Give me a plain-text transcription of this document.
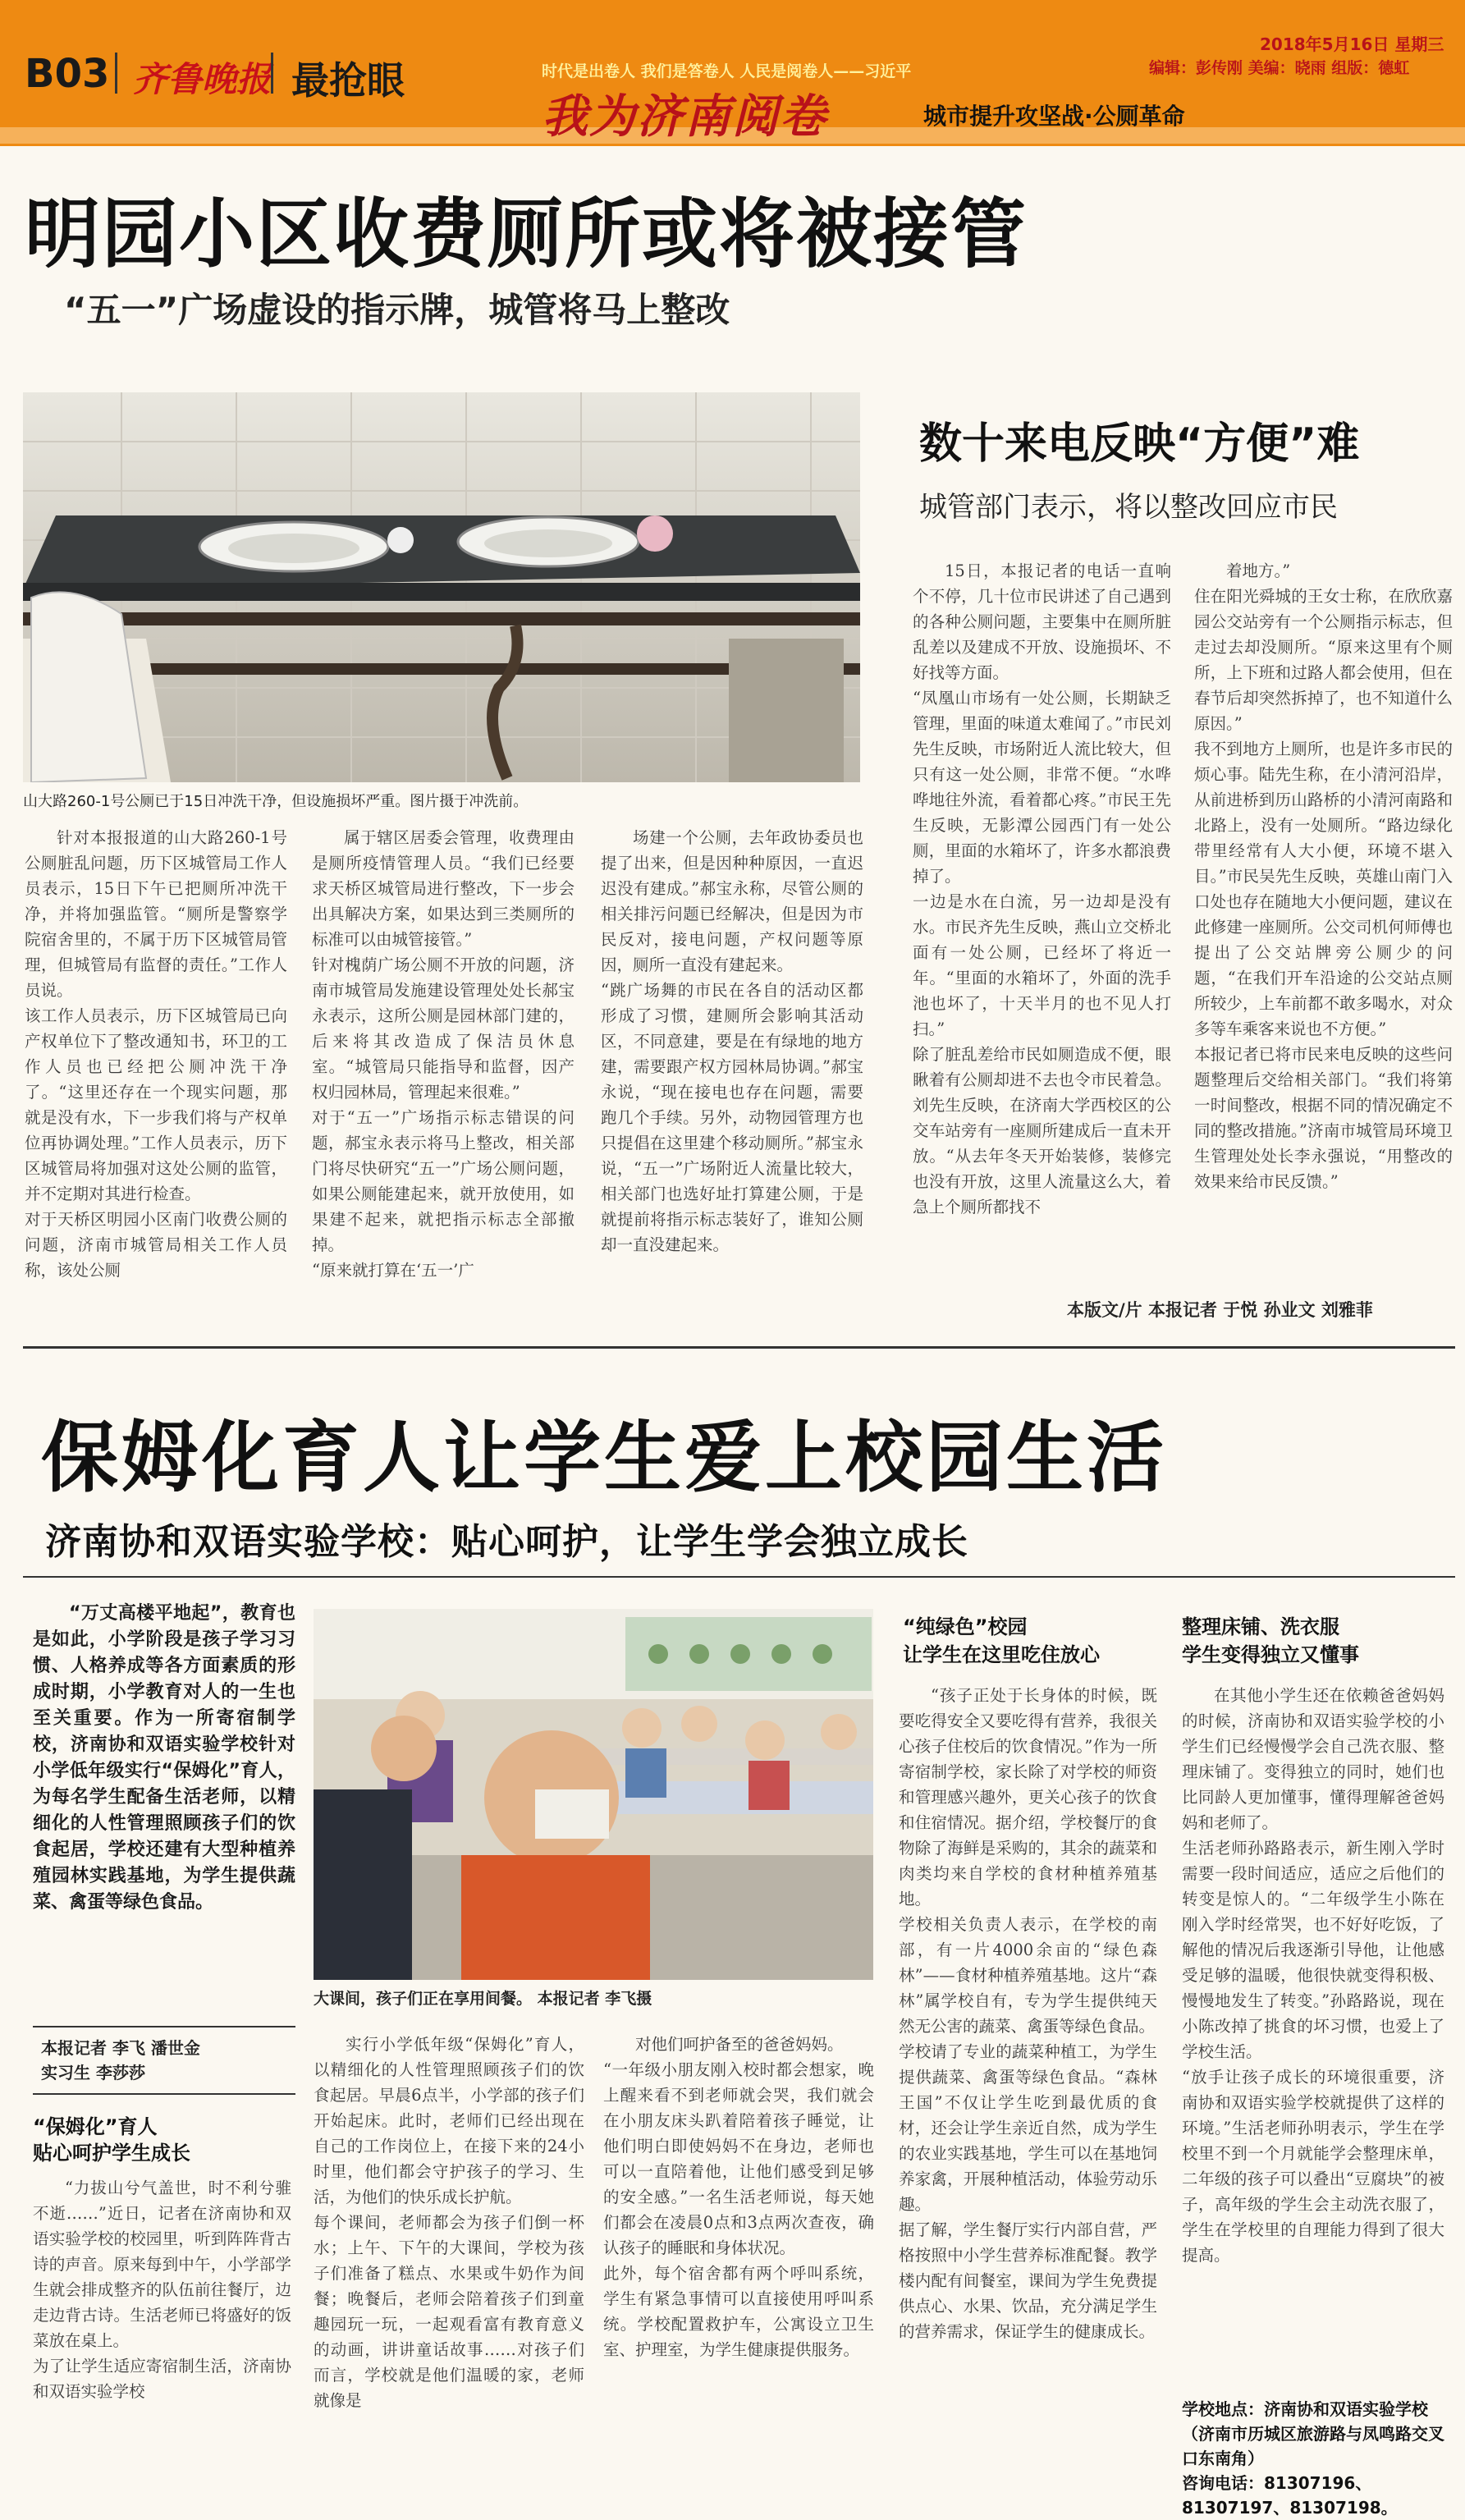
B03 齐鲁晚报 最抢眼	时代是出卷人 我们是答卷人 人民是阅卷人——习近平
我为济南阅卷	城市提升攻坚战·公厕革命
2018年5月16日 星期三
编辑：彭传刚 美编：晓雨 组版：德虹
明园小区收费厕所或将被接管
“五一”广场虚设的指示牌，城管将马上整改
山大路260-1号公厕已于15日冲洗干净，但设施损坏严重。图片摄于冲洗前。
数十来电反映“方便”难
城管部门表示，将以整改回应市民

针对本报报道的山大路260-1号公厕脏乱问题，历下区城管局工作人员表示，15日下午已把厕所冲洗干净，并将加强监管。“厕所是警察学院宿舍里的，不属于历下区城管局管理，但城管局有监督的责任。”工作人员说。
该工作人员表示，历下区城管局已向产权单位下了整改通知书，环卫的工作人员也已经把公厕冲洗干净了。“这里还存在一个现实问题，那就是没有水，下一步我们将与产权单位再协调处理。”工作人员表示，历下区城管局将加强对这处公厕的监管，并不定期对其进行检查。
对于天桥区明园小区南门收费公厕的问题，济南市城管局相关工作人员称，该处公厕

属于辖区居委会管理，收费理由是厕所疫情管理人员。“我们已经要求天桥区城管局进行整改，下一步会出具解决方案，如果达到三类厕所的标准可以由城管接管。”
针对槐荫广场公厕不开放的问题，济南市城管局发施建设管理处处长郝宝永表示，这所公厕是园林部门建的，后来将其改造成了保洁员休息室。“城管局只能指导和监督，因产权归园林局，管理起来很难。”
对于“五一”广场指示标志错误的问题，郝宝永表示将马上整改，相关部门将尽快研究“五一”广场公厕问题，如果公厕能建起来，就开放使用，如果建不起来，就把指示标志全部撤掉。
“原来就打算在‘五一’广

场建一个公厕，去年政协委员也提了出来，但是因种种原因，一直迟迟没有建成。”郝宝永称，尽管公厕的相关排污问题已经解决，但是因为市民反对，接电问题，产权问题等原因，厕所一直没有建起来。
“跳广场舞的市民在各自的活动区都形成了习惯，建厕所会影响其活动区，不同意建，要是在有绿地的地方建，需要跟产权方园林局协调。”郝宝永说，“现在接电也存在问题，需要跑几个手续。另外，动物园管理方也只提倡在这里建个移动厕所。”郝宝永说，“五一”广场附近人流量比较大，相关部门也选好址打算建公厕，于是就提前将指示标志装好了，谁知公厕却一直没建起来。

15日，本报记者的电话一直响个不停，几十位市民讲述了自己遇到的各种公厕问题，主要集中在厕所脏乱差以及建成不开放、设施损坏、不好找等方面。
“凤凰山市场有一处公厕，长期缺乏管理，里面的味道太难闻了。”市民刘先生反映，市场附近人流比较大，但只有这一处公厕，非常不便。“水哗哗地往外流，看着都心疼。”市民王先生反映，无影潭公园西门有一处公厕，里面的水箱坏了，许多水都浪费掉了。
一边是水在白流，另一边却是没有水。市民齐先生反映，燕山立交桥北面有一处公厕，已经坏了将近一年。“里面的水箱坏了，外面的洗手池也坏了，十天半月的也不见人打扫。”
除了脏乱差给市民如厕造成不便，眼瞅着有公厕却进不去也令市民着急。刘先生反映，在济南大学西校区的公交车站旁有一座厕所建成后一直未开放。“从去年冬天开始装修，装修完也没有开放，这里人流量这么大，着急上个厕所都找不

着地方。”
住在阳光舜城的王女士称，在欣欣嘉园公交站旁有一个公厕指示标志，但走过去却没厕所。“原来这里有个厕所，上下班和过路人都会使用，但在春节后却突然拆掉了，也不知道什么原因。”
我不到地方上厕所，也是许多市民的烦心事。陆先生称，在小清河沿岸，从前进桥到历山路桥的小清河南路和北路上，没有一处厕所。“路边绿化带里经常有人大小便，环境不堪入目。”市民吴先生反映，英雄山南门入口处也存在随地大小便问题，建议在此修建一座厕所。公交司机何师傅也提出了公交站牌旁公厕少的问题，“在我们开车沿途的公交站点厕所较少，上车前都不敢多喝水，对众多等车乘客来说也不方便。”
本报记者已将市民来电反映的这些问题整理后交给相关部门。“我们将第一时间整改，根据不同的情况确定不同的整改措施。”济南市城管局环境卫生管理处处长李永强说，“用整改的效果来给市民反馈。”

本版文/片 本报记者 于悦 孙业文 刘雅菲
保姆化育人让学生爱上校园生活
济南协和双语实验学校：贴心呵护，让学生学会独立成长
“万丈高楼平地起”，教育也是如此，小学阶段是孩子学习习惯、人格养成等各方面素质的形成时期，小学教育对人的一生也至关重要。作为一所寄宿制学校，济南协和双语实验学校针对小学低年级实行“保姆化”育人，为每名学生配备生活老师，以精细化的人性管理照顾孩子们的饮食起居，学校还建有大型种植养殖园林实践基地，为学生提供蔬菜、禽蛋等绿色食品。
大课间，孩子们正在享用间餐。 本报记者 李飞摄
本报记者 李飞 潘世金
实习生 李莎莎
“保姆化”育人
贴心呵护学生成长

“力拔山兮气盖世，时不利兮骓不逝……”近日，记者在济南协和双语实验学校的校园里，听到阵阵背古诗的声音。原来每到中午，小学部学生就会排成整齐的队伍前往餐厅，边走边背古诗。生活老师已将盛好的饭菜放在桌上。
为了让学生适应寄宿制生活，济南协和双语实验学校

实行小学低年级“保姆化”育人，以精细化的人性管理照顾孩子们的饮食起居。早晨6点半，小学部的孩子们开始起床。此时，老师们已经出现在自己的工作岗位上，在接下来的24小时里，他们都会守护孩子的学习、生活，为他们的快乐成长护航。
每个课间，老师都会为孩子们倒一杯水；上午、下午的大课间，学校为孩子们准备了糕点、水果或牛奶作为间餐；晚餐后，老师会陪着孩子们到童趣园玩一玩，一起观看富有教育意义的动画，讲讲童话故事……对孩子们而言，学校就是他们温暖的家，老师就像是

对他们呵护备至的爸爸妈妈。
“一年级小朋友刚入校时都会想家，晚上醒来看不到老师就会哭，我们就会在小朋友床头趴着陪着孩子睡觉，让他们明白即使妈妈不在身边，老师也可以一直陪着他，让他们感受到足够的安全感。”一名生活老师说，每天她们都会在凌晨0点和3点两次查夜，确认孩子的睡眠和身体状况。
此外，每个宿舍都有两个呼叫系统，学生有紧急事情可以直接使用呼叫系统。学校配置救护车，公寓设立卫生室、护理室，为学生健康提供服务。

“纯绿色”校园
让学生在这里吃住放心

“孩子正处于长身体的时候，既要吃得安全又要吃得有营养，我很关心孩子住校后的饮食情况。”作为一所寄宿制学校，家长除了对学校的师资和管理感兴趣外，更关心孩子的饮食和住宿情况。据介绍，学校餐厅的食物除了海鲜是采购的，其余的蔬菜和肉类均来自学校的食材种植养殖基地。
学校相关负责人表示，在学校的南部，有一片4000余亩的“绿色森林”——食材种植养殖基地。这片“森林”属学校自有，专为学生提供纯天然无公害的蔬菜、禽蛋等绿色食品。
学校请了专业的蔬菜种植工，为学生提供蔬菜、禽蛋等绿色食品。“森林王国”不仅让学生吃到最优质的食材，还会让学生亲近自然，成为学生的农业实践基地，学生可以在基地饲养家禽，开展种植活动，体验劳动乐趣。
据了解，学生餐厅实行内部自营，严格按照中小学生营养标准配餐。教学楼内配有间餐室，课间为学生免费提供点心、水果、饮品，充分满足学生的营养需求，保证学生的健康成长。

整理床铺、洗衣服
学生变得独立又懂事

在其他小学生还在依赖爸爸妈妈的时候，济南协和双语实验学校的小学生们已经慢慢学会自己洗衣服、整理床铺了。变得独立的同时，她们也比同龄人更加懂事，懂得理解爸爸妈妈和老师了。
生活老师孙路路表示，新生刚入学时需要一段时间适应，适应之后他们的转变是惊人的。“二年级学生小陈在刚入学时经常哭，也不好好吃饭，了解他的情况后我逐渐引导他，让他感受足够的温暖，他很快就变得积极、慢慢地发生了转变。”孙路路说，现在小陈改掉了挑食的坏习惯，也爱上了学校生活。
“放手让孩子成长的环境很重要，济南协和双语实验学校就提供了这样的环境。”生活老师孙明表示，学生在学校里不到一个月就能学会整理床单，二年级的孩子可以叠出“豆腐块”的被子，高年级的学生会主动洗衣服了，学生在学校里的自理能力得到了很大提高。

学校地点：济南协和双语实验学校（济南市历城区旅游路与凤鸣路交叉口东南角）
咨询电话：81307196、81307197、81307198。
